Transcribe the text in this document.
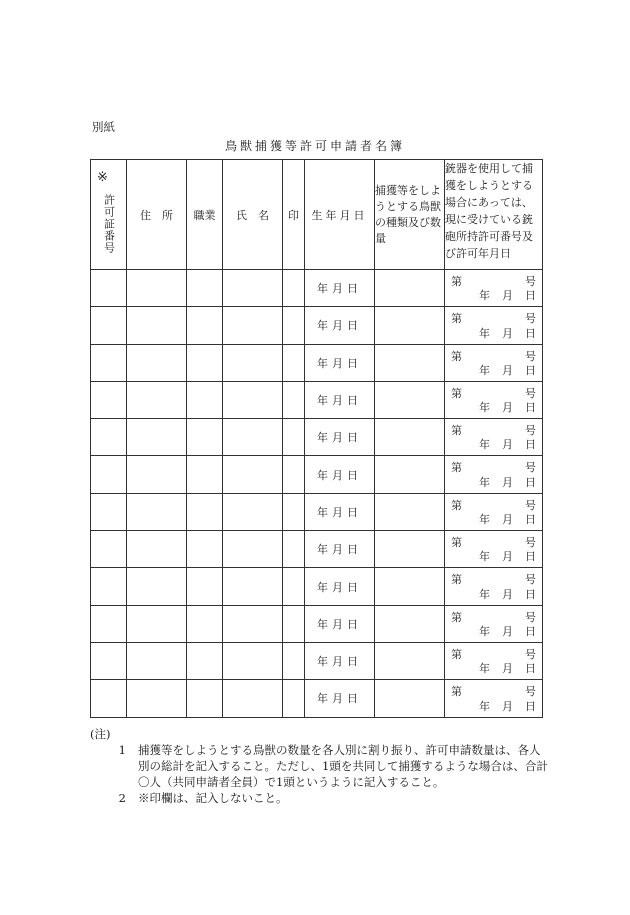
別紙
鳥獣捕獲等許可申請者名簿
※
許可証番号	住　所	職業	氏　名	印	生年月日	捕獲等をしようとする鳥獣の種類及び数量	銃器を使用して捕獲をしようとする場合にあっては、現に受けている銃砲所持許可番号及び許可年月日
					年月日		第 号
年 月 日

					年月日		第 号
年 月 日

					年月日		第 号
年 月 日

					年月日		第 号
年 月 日

					年月日		第 号
年 月 日

					年月日		第 号
年 月 日

					年月日		第 号
年 月 日

					年月日		第 号
年 月 日

					年月日		第 号
年 月 日

					年月日		第 号
年 月 日

					年月日		第 号
年 月 日

					年月日		第 号
年 月 日
(注)
1	捕獲等をしようとする鳥獣の数量を各人別に割り振り、許可申請数量は、各人別の総計を記入すること。ただし、1頭を共同して捕獲するような場合は、合計〇人（共同申請者全員）で1頭というように記入すること。
2	※印欄は、記入しないこと。
